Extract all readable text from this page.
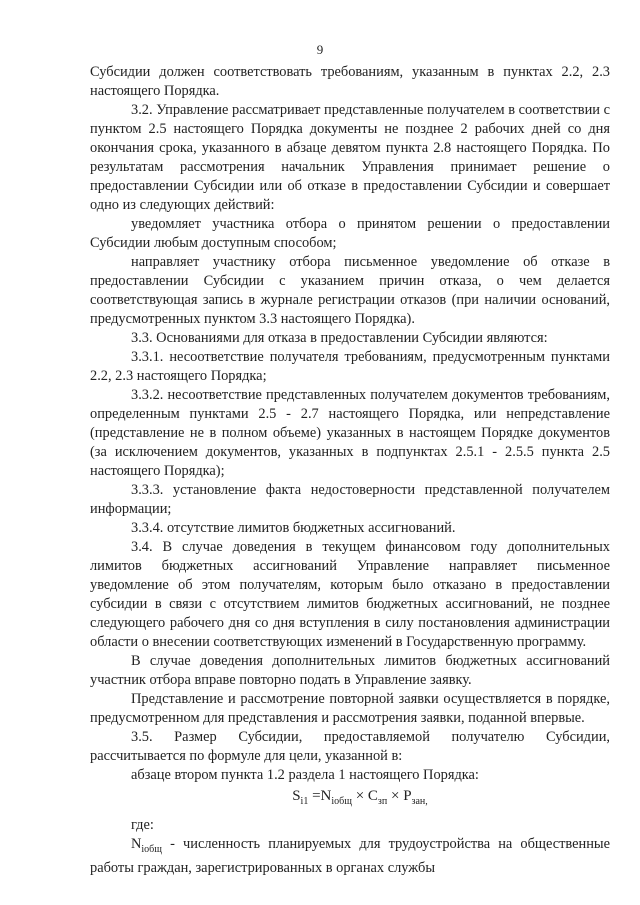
9

Субсидии должен соответствовать требованиям, указанным в пунктах 2.2, 2.3 настоящего Порядка.

3.2. Управление рассматривает представленные получателем в соответствии с пунктом 2.5 настоящего Порядка документы не позднее 2 рабочих дней со дня окончания срока, указанного в абзаце девятом пункта 2.8 настоящего Порядка. По результатам рассмотрения начальник Управления принимает решение о предоставлении Субсидии или об отказе в предоставлении Субсидии и совершает одно из следующих действий:

уведомляет участника отбора о принятом решении о предоставлении Субсидии любым доступным способом;

направляет участнику отбора письменное уведомление об отказе в предоставлении Субсидии с указанием причин отказа, о чем делается соответствующая запись в журнале регистрации отказов (при наличии оснований, предусмотренных пунктом 3.3 настоящего Порядка).

3.3. Основаниями для отказа в предоставлении Субсидии являются:

3.3.1. несоответствие получателя требованиям, предусмотренным пунктами 2.2, 2.3 настоящего Порядка;

3.3.2. несоответствие представленных получателем документов требованиям, определенным пунктами 2.5 - 2.7 настоящего Порядка, или непредставление (представление не в полном объеме) указанных в настоящем Порядке документов (за исключением документов, указанных в подпунктах 2.5.1 - 2.5.5 пункта 2.5 настоящего Порядка);

3.3.3. установление факта недостоверности представленной получателем информации;

3.3.4. отсутствие лимитов бюджетных ассигнований.

3.4. В случае доведения в текущем финансовом году дополнительных лимитов бюджетных ассигнований Управление направляет письменное уведомление об этом получателям, которым было отказано в предоставлении субсидии в связи с отсутствием лимитов бюджетных ассигнований, не позднее следующего рабочего дня со дня вступления в силу постановления администрации области о внесении соответствующих изменений в Государственную программу.

В случае доведения дополнительных лимитов бюджетных ассигнований участник отбора вправе повторно подать в Управление заявку.

Представление и рассмотрение повторной заявки осуществляется в порядке, предусмотренном для представления и рассмотрения заявки, поданной впервые.

3.5. Размер Субсидии, предоставляемой получателю Субсидии, рассчитывается по формуле для цели, указанной в:

абзаце втором пункта 1.2 раздела 1 настоящего Порядка:

$S_{i1} =N_{iобщ} \times С_{зп} \times Р_{зан,}$

где:

$N_{iобщ}$ - численность планируемых для трудоустройства на общественные работы граждан, зарегистрированных в органах службы
